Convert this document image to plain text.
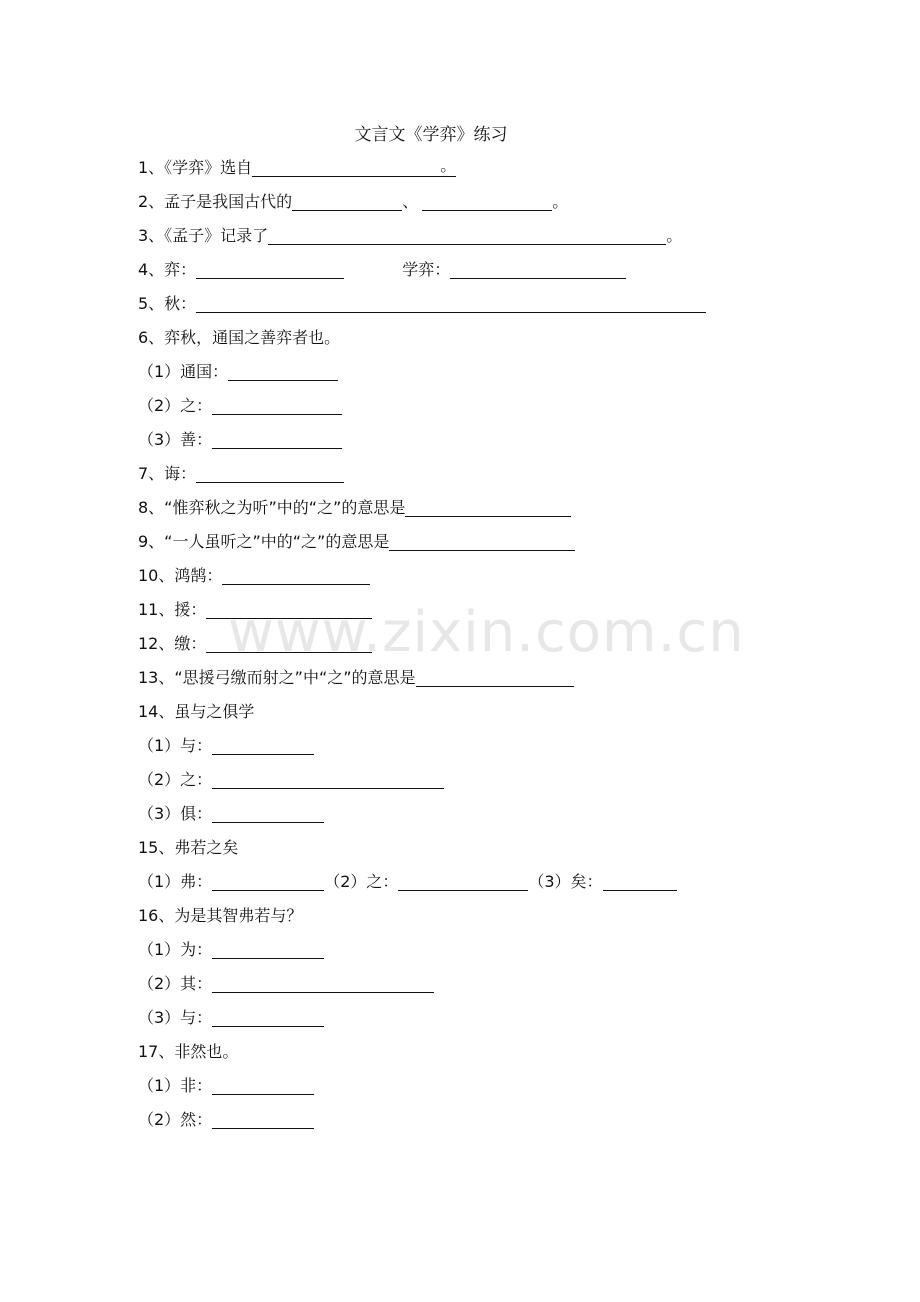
文言文《学弈》练习
1、《学弈》选自	。
2、孟子是我国古代的	、	。
3、《孟子》记录了	。
4、弈：	学弈：
5、秋：
6、弈秋，通国之善弈者也。
（1）通国：
（2）之：
（3）善：
7、诲：
8、“惟弈秋之为听”中的“之”的意思是
9、“一人虽听之”中的“之”的意思是
10、鸿鹄：
11、援：
12、缴：
13、“思援弓缴而射之”中“之”的意思是
14、虽与之俱学
（1）与：
（2）之：
（3）俱：
15、弗若之矣
（1）弗：	（2）之：	（3）矣：
16、为是其智弗若与？
（1）为：
（2）其：
（3）与：
17、非然也。
（1）非：
（2）然：
www.zixin.com.cn
